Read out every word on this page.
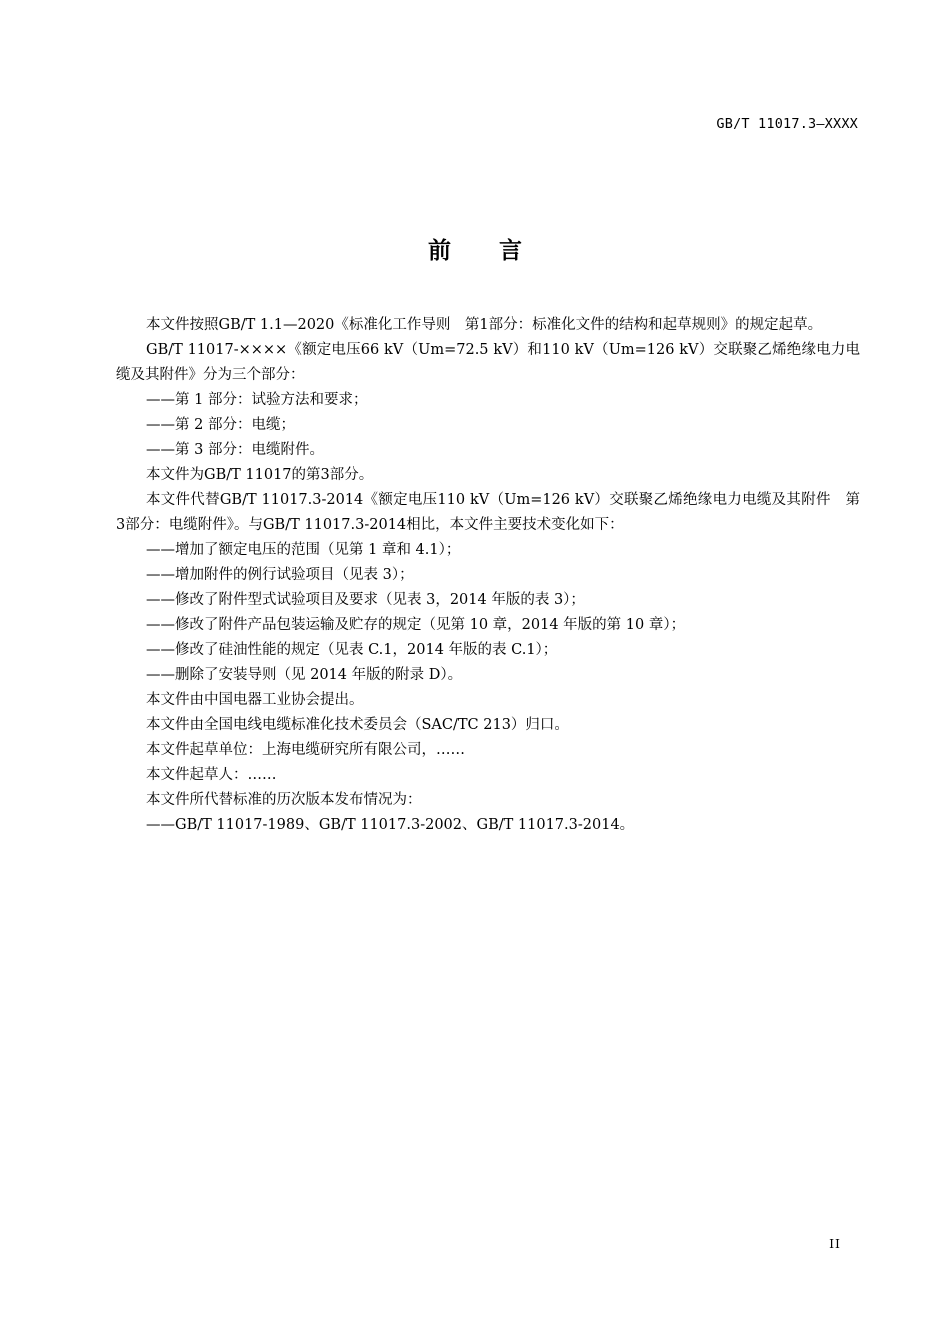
GB/T 11017.3—XXXX
前言

本文件按照GB/T 1.1—2020《标准化工作导则　第1部分：标准化文件的结构和起草规则》的规定起草。

GB/T 11017-××××《额定电压66 kV（Um=72.5 kV）和110 kV（Um=126 kV）交联聚乙烯绝缘电力电缆及其附件》分为三个部分：

——第 1 部分：试验方法和要求；

——第 2 部分：电缆；

——第 3 部分：电缆附件。

本文件为GB/T 11017的第3部分。

本文件代替GB/T 11017.3-2014《额定电压110 kV（Um=126 kV）交联聚乙烯绝缘电力电缆及其附件　第3部分：电缆附件》。与GB/T 11017.3-2014相比，本文件主要技术变化如下：

——增加了额定电压的范围（见第 1 章和 4.1）；

——增加附件的例行试验项目（见表 3）；

——修改了附件型式试验项目及要求（见表 3，2014 年版的表 3）；

——修改了附件产品包装运输及贮存的规定（见第 10 章，2014 年版的第 10 章）；

——修改了硅油性能的规定（见表 C.1，2014 年版的表 C.1）；

——删除了安装导则（见 2014 年版的附录 D）。

本文件由中国电器工业协会提出。

本文件由全国电线电缆标准化技术委员会（SAC/TC 213）归口。

本文件起草单位：上海电缆研究所有限公司，……

本文件起草人：……

本文件所代替标准的历次版本发布情况为：

——GB/T 11017-1989、GB/T 11017.3-2002、GB/T 11017.3-2014。

II
